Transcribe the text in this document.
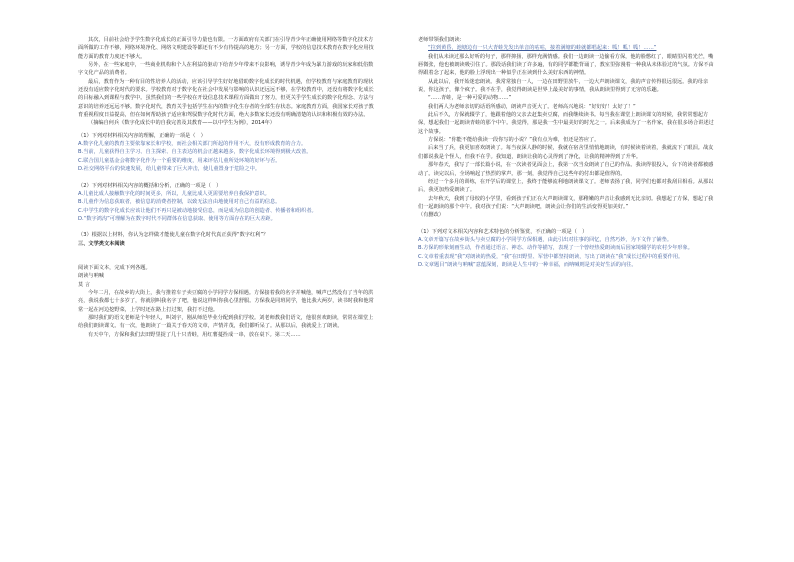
其次，目前社会给予学生数字化成长的正面引导力量也有限。一方面政府有关部门在引导青少年正确使用网络等数字化技术方面所做的工作不够，网络环境净化、网络文明建设等都还有不少有待提高的地方；另一方面，学校的信息技术教育在数字化应用技能方面的教育力度还不够大。

另外，在一些家庭中，一些商业机构和个人在利益的驱动下给青少年带来不良影响，诱导青少年成为暴力游戏的玩家和低俗数字文化产品的消费者。

最后，教育作为一种有目的性培养人的活动，应该引导学生好好地借助数字化成长的时代机遇，但学校教育与家庭教育的现状还没有适应数字化时代的要求。学校教育对于数字化在社会中发展与影响的认识还远远不够，在学校教育中，还没有将数字化成长的目标融入到课程与教学中。虽然我们的一些学校在开设信息技术课程方面做出了努力，但更关乎学生成长的数字化理念、方法与意识的培养还远远不够。数字化时代，教育关乎包括学生在内的数字化生存者的全部生存状态。家庭教育方面，我国家长对孩子教育重视程度日益提高，但在如何帮助孩子适应和驾驭数字化时代方面，绝大多数家长还没有明确清楚的认识和积极有效的办法。

（摘编自何兵《数字化成长中的自我完善及其教育——以中学生为例》，2014年）

（1）下列对材料相关内容的理解，正确的一项是（　）

A.数字化儿童的教育主要依靠家长和学校，而社会相关部门所起的作用不大，没有形成教育的合力。

B.当前，儿童获得自主学习、自主探索、自主表达的机会正越来越多，数字化成长环境得到极大改善。

C.联合国儿童基金会将数字化作为一个重要的维度，用来评估儿童所处环境的好坏与否。

D.社交网络平台的快速发展，给儿童带来了巨大冲击，使儿童置身于危险之中。

（2）下列对材料相关内容的概括和分析，正确的一项是（　）

A.儿童比成人接触数字化的时间更多，所以，儿童比成人更需要培养自我保护意识。

B.儿童作为信息获取者，被信息的消费者控制，以致无法自由地使用对自己有益的信息。

C.中学生的数字化成长应该让他们不再只是被动地接受信息，而是成为信息的创造者、传播者和组织者。

D.“数字鸿沟”可理解为在数字时代不同群体在信息获取、使用等方面存在的巨大差距。

（3）根据以上材料，你认为怎样做才能使儿童在数字化时代真正获得“数字红利”？

三、文学类文本阅读

阅读下面文本，完成下列各题。

朗读与呐喊

莫 言

今年二月，在故乡的大街上，我与推着车子卖豆腐的小学同学方保相遇。方保接着我的名字并喊他，喊声已然没有了当年的洪亮，我说我都七十多岁了，你就别叫我名字了吧，他说这样叫你我心里舒服。方保我是同班同学，他比我大两岁，读书时我和他常常一起在河边挖野菜，上学时还在路上打过架，我打不过他。

那时我们的语文老师是个年轻人，叫刘宇，刚从师范毕业分配到我们学校。刘老师教我们语文，他很喜欢朗读，常常在课堂上给我们朗读课文。有一次，他朗读了一篇关于春天的文章，声情并茂，我们都听呆了。从那以后，我就爱上了朗读。

有天中午，方保和我们去田野里捉了几十只青蛙，用红薯蔓拴成一串，放在桌下。第二天……

老师带领我们朗读：

“拉到黄昏，池塘边有一只大青蛙先发出单音的咕咕，接着满塘的蛙就都唱起来：呱！呱！呱！……”

我们从未读过那么好听的句子，那样抑扬，那样充满情感。我们一边朗读一边偷看方保，他的脸憋红了，眼睛里闪着光芒，嘴唇微张，他也被朗读吸引住了。那段话我们读了许多遍，有的同学都能背诵了，教室里弥漫着一种我从未体验过的气氛。方保不由得跟着念了起来，他的脸上浮现出一种似乎正在读到什么美好东西的神情。

从此以后，我开始迷恋朗读。我常常独自一人，一边在田野里放牛，一边大声朗读课文，我的声音传得很远很远。我的母亲说，你这孩子，像个疯子。我不在乎，我觉得朗读是世界上最美好的事情，我从朗读里得到了无穷的乐趣。

“……青蛙，是一种可爱的动物……”

我们两人为老师亲切的话语所感动，朗读声音更大了。老师高兴地说：“好好好！太好了！”

此后不久，方保就辍学了，他跟着他的父亲去赶集卖豆腐，而我继续读书。每当我在课堂上朗读课文的时候，我常常想起方保，想起我们一起朗读青蛙的那个中午。我觉得，那是我一生中最美好的时光之一。后来我成为了一名作家，我在很多场合讲述过这个故事。

方保说：“你能不能给我读一段你写的小说？”我有点为难，但还是答应了。

后来当了兵，我更加喜欢朗读了。每当夜深人静的时候，我就在宿舍里悄悄地朗读，有时候读着读着，我就流下了眼泪。战友们都说我是个怪人，但我不在乎。我知道，朗读让我的心灵得到了净化，让我的精神得到了升华。

那年春天，我写了一部长篇小说，在一次读者见面会上，我第一次当众朗读了自己的作品。我读得很投入，台下的读者都被感动了。读完以后，全场响起了热烈的掌声。那一刻，我觉得自己这些年的付出都是值得的。

经过一个多月的训练，在开学后的课堂上，我终于能够流利地朗读课文了。老师表扬了我，同学们也都对我刮目相看。从那以后，我更加热爱朗读了。

去年秋天，我到了母校的小学里，看到孩子们正在大声朗读课文，那稚嫩的声音让我感到无比亲切。我想起了方保，想起了我们一起朗读的那个中午。我对孩子们说：“大声朗读吧，朗读会让你们的生活变得更加美好。”

（有删改）

（1）下列对文本相关内容和艺术特色的分析鉴赏，不正确的一项是（　）

A.文章开篇写在故乡街头与卖豆腐的小学同学方保相遇，由此引出对往事的回忆，自然巧妙，为下文作了铺垫。

B.方保的形象刻画生动，作者通过语言、神态、动作等描写，表现了一个曾经热爱朗读而后因家境辍学的农村少年形象。

C.文章着重表现“我”对朗读的热爱，“我”在田野里、军营中都坚持朗读，写出了朗读在“我”成长过程中的重要作用。

D.文章题目“朗读与呐喊”意蕴深刻，朗读是人生中的一种幸福，而呐喊则是对美好生活的向往。
